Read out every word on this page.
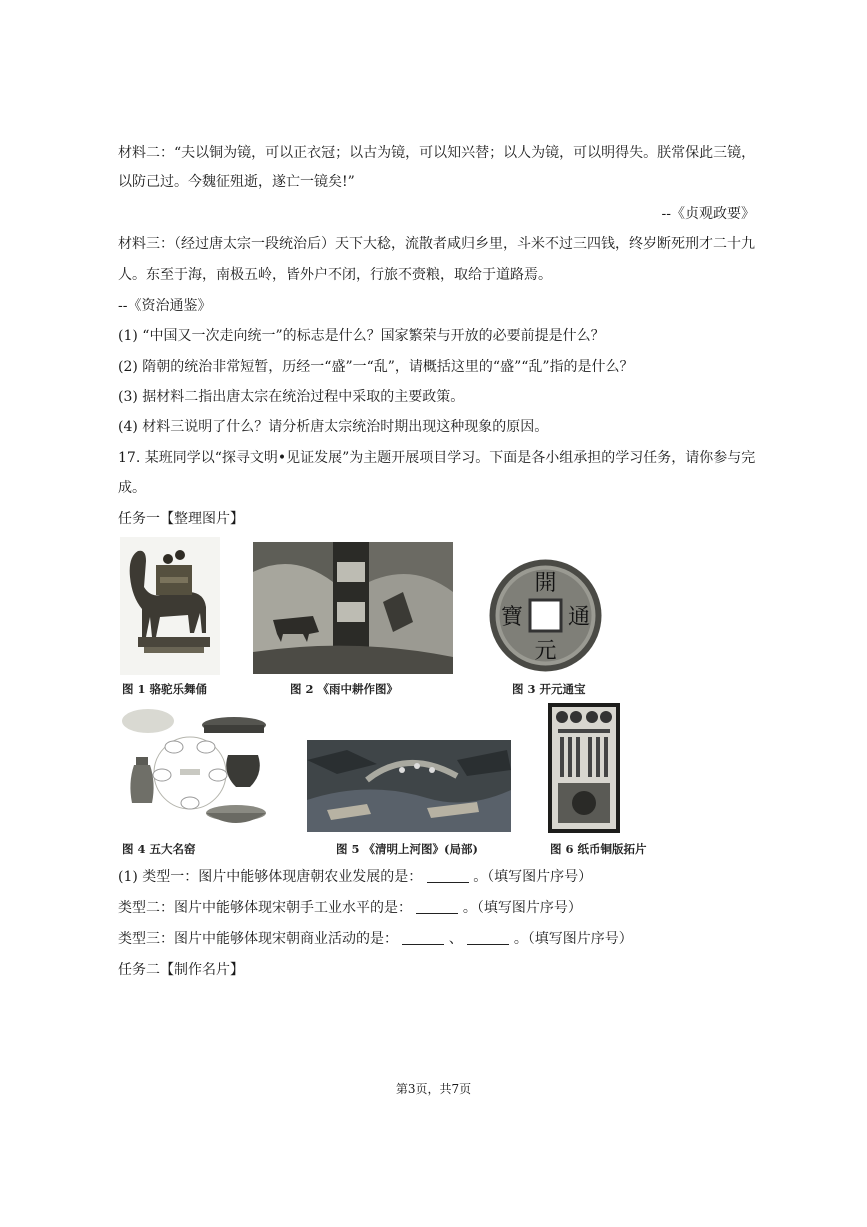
材料二：“夫以铜为镜，可以正衣冠；以古为镜，可以知兴替；以人为镜，可以明得失。朕常保此三镜，
以防己过。今魏征殂逝，遂亡一镜矣!”
--《贞观政要》
材料三：（经过唐太宗一段统治后）天下大稔，流散者咸归乡里，斗米不过三四钱，终岁断死刑才二十九
人。东至于海，南极五岭，皆外户不闭，行旅不赍粮，取给于道路焉。
--《资治通鉴》
(1) “中国又一次走向统一”的标志是什么？国家繁荣与开放的必要前提是什么？
(2) 隋朝的统治非常短暂，历经一“盛”一“乱”，请概括这里的“盛”“乱”指的是什么？
(3) 据材料二指出唐太宗在统治过程中采取的主要政策。
(4) 材料三说明了什么？请分析唐太宗统治时期出现这种现象的原因。
17. 某班同学以“探寻文明•见证发展”为主题开展项目学习。下面是各小组承担的学习任务，请你参与完
成。
任务一【整理图片】
图 1 骆驼乐舞俑	图 2 《雨中耕作图》
開
元
寶 通
图 3 开元通宝
图 4 五大名窑	图 5 《清明上河图》(局部)	图 6 纸币铜版拓片
(1) 类型一：图片中能够体现唐朝农业发展的是：	。（填写图片序号）
类型二：图片中能够体现宋朝手工业水平的是：	。（填写图片序号）
类型三：图片中能够体现宋朝商业活动的是：	、	。（填写图片序号）
任务二【制作名片】
第3页，共7页
